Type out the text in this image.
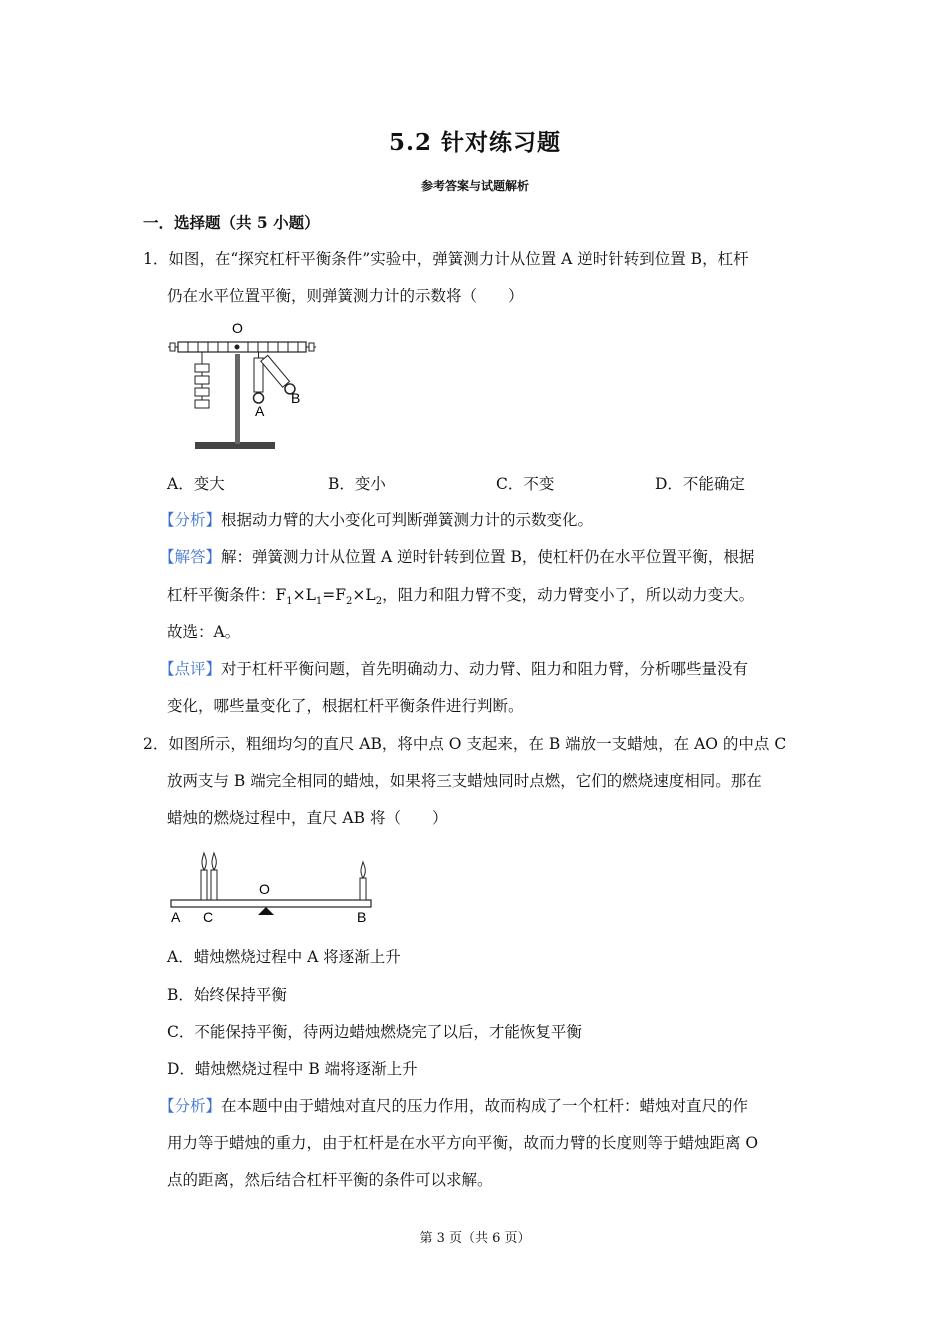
5.2 针对练习题
参考答案与试题解析
一．选择题（共 5 小题）
1．如图，在“探究杠杆平衡条件”实验中，弹簧测力计从位置 A 逆时针转到位置 B，杠杆
仍在水平位置平衡，则弹簧测力计的示数将（　　）
O
A
B
A．变大	B．变小	C．不变	D．不能确定
【分析】根据动力臂的大小变化可判断弹簧测力计的示数变化。
【解答】解：弹簧测力计从位置 A 逆时针转到位置 B，使杠杆仍在水平位置平衡，根据
杠杆平衡条件：$F_1\times L_1=F_2\times L_2$，阻力和阻力臂不变，动力臂变小了，所以动力变大。
故选：A。
【点评】对于杠杆平衡问题，首先明确动力、动力臂、阻力和阻力臂，分析哪些量没有
变化，哪些量变化了，根据杠杆平衡条件进行判断。
2．如图所示，粗细均匀的直尺 AB，将中点 O 支起来，在 B 端放一支蜡烛，在 AO 的中点 C
放两支与 B 端完全相同的蜡烛，如果将三支蜡烛同时点燃，它们的燃烧速度相同。那在
蜡烛的燃烧过程中，直尺 AB 将（　　）
O
A C	B
A．蜡烛燃烧过程中 A 将逐渐上升
B．始终保持平衡
C．不能保持平衡，待两边蜡烛燃烧完了以后，才能恢复平衡
D．蜡烛燃烧过程中 B 端将逐渐上升
【分析】在本题中由于蜡烛对直尺的压力作用，故而构成了一个杠杆：蜡烛对直尺的作
用力等于蜡烛的重力，由于杠杆是在水平方向平衡，故而力臂的长度则等于蜡烛距离 O
点的距离，然后结合杠杆平衡的条件可以求解。
第 3 页（共 6 页）
